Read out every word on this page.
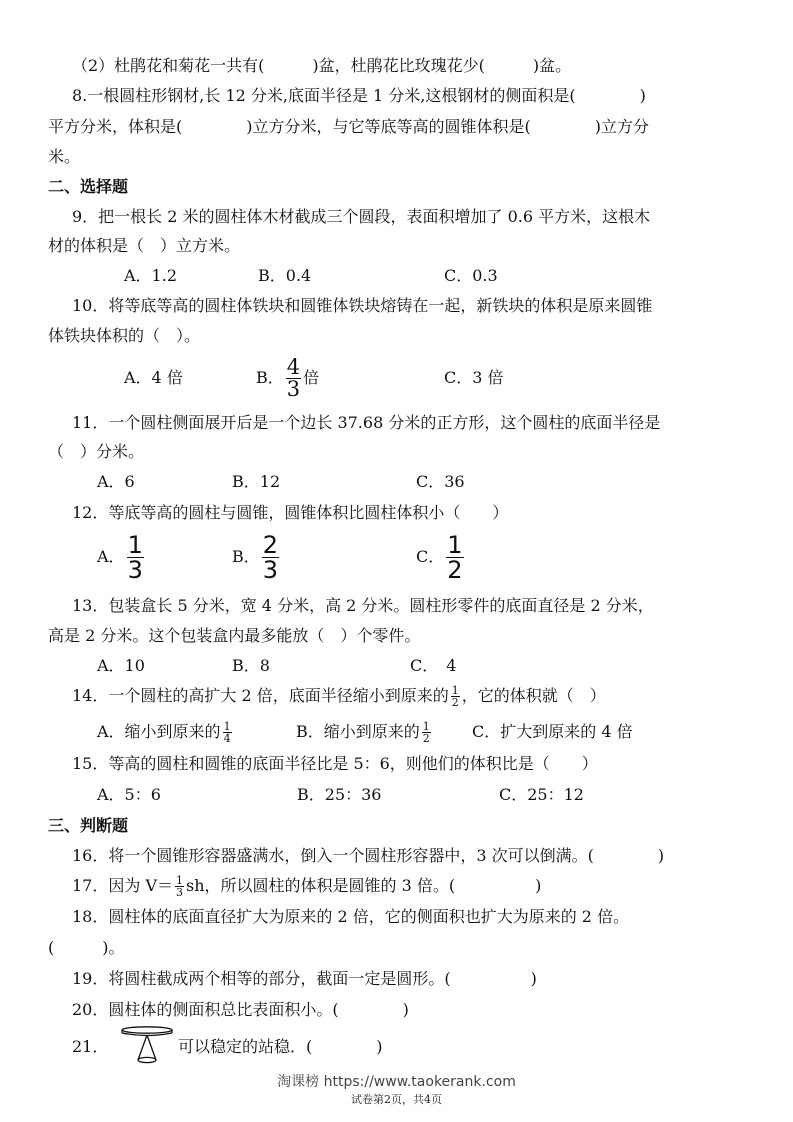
（2）杜鹃花和菊花一共有(　　　)盆，杜鹃花比玫瑰花少(　　　)盆。
8.一根圆柱形钢材,长 12 分米,底面半径是 1 分米,这根钢材的侧面积是(　　　　)
平方分米，体积是(　　　　)立方分米，与它等底等高的圆锥体积是(　　　　)立方分
米。
二、选择题
9．把一根长 2 米的圆柱体木材截成三个圆段，表面积增加了 0.6 平方米，这根木
材的体积是（　）立方米。
A．1.2	B．0.4	C．0.3
10．将等底等高的圆柱体铁块和圆锥体铁块熔铸在一起，新铁块的体积是原来圆锥
体铁块体积的（　）。
A．4 倍	B． $\frac{4}{3}$ 倍	C．3 倍
11．一个圆柱侧面展开后是一个边长 37.68 分米的正方形，这个圆柱的底面半径是
（　）分米。
A．6	B．12	C．36
12．等底等高的圆柱与圆锥，圆锥体积比圆柱体积小（　　）
A． $\frac{1}{3}$	B． $\frac{2}{3}$	C． $\frac{1}{2}$
13．包装盒长 5 分米，宽 4 分米，高 2 分米。圆柱形零件的底面直径是 2 分米，
高是 2 分米。这个包装盒内最多能放（　）个零件。
A．10	B．8	C．　4
14．一个圆柱的高扩大 2 倍，底面半径缩小到原来的 $\frac{1}{2}$ ，它的体积就（　）
A．缩小到原来的 $\frac{1}{4}$	B．缩小到原来的 $\frac{1}{2}$	C．扩大到原来的 4 倍
15．等高的圆柱和圆锥的底面半径比是 5：6，则他们的体积比是（　　）
A．5：6	B．25：36	C．25：12
三、判断题
16．将一个圆锥形容器盛满水，倒入一个圆柱形容器中，3 次可以倒满。(　　　　)
17．因为 $V= \frac{1}{3}$ sh，所以圆柱的体积是圆锥的 3 倍。(　　　　　)
18．圆柱体的底面直径扩大为原来的 2 倍，它的侧面积也扩大为原来的 2 倍。
(　　　)。
19．将圆柱截成两个相等的部分，截面一定是圆形。(　　　　　)
20．圆柱体的侧面积总比表面积小。(　　　　)
21．	可以稳定的站稳．(　　　　)
淘课榜 https://www.taokerank.com
试卷第2页，共4页
